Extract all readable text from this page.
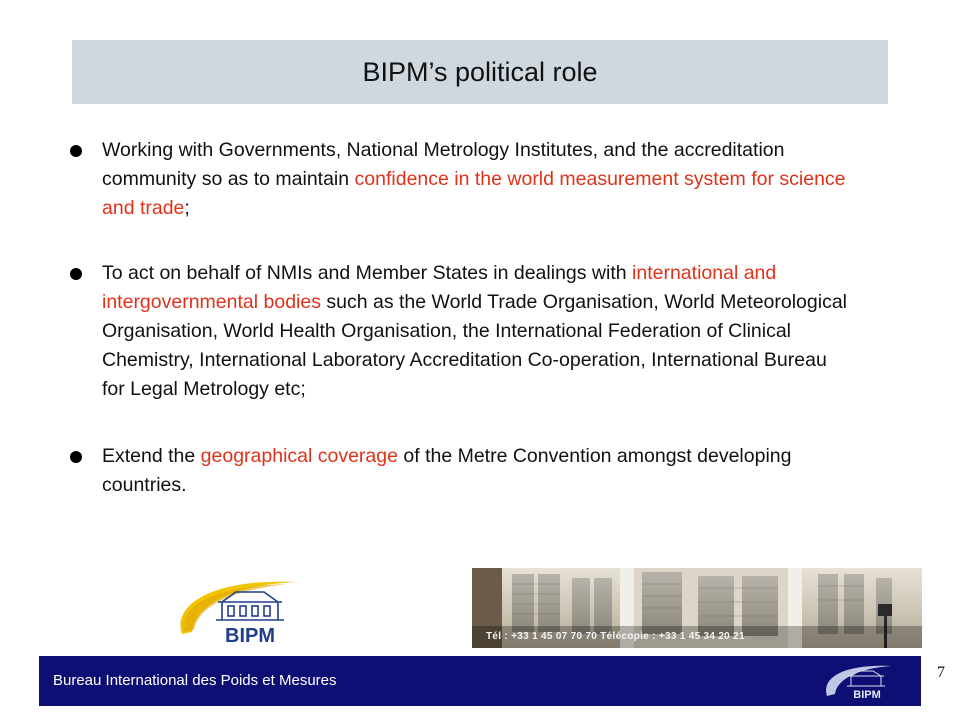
BIPM’s political role
Working with Governments, National Metrology Institutes, and the accreditation community so as to maintain confidence in the world measurement system for science and trade;
To act on behalf of NMIs and Member States in dealings with international and intergovernmental bodies such as the World Trade Organisation, World Meteorological Organisation, World Health Organisation, the International Federation of Clinical Chemistry, International Laboratory Accreditation Co-operation, International Bureau for Legal Metrology etc;
Extend the geographical coverage of the Metre Convention amongst developing countries.
BIPM	Tél : +33 1 45 07 70 70 Télécopie : +33 1 45 34 20 21
Bureau International des Poids et Mesures
BIPM
7
